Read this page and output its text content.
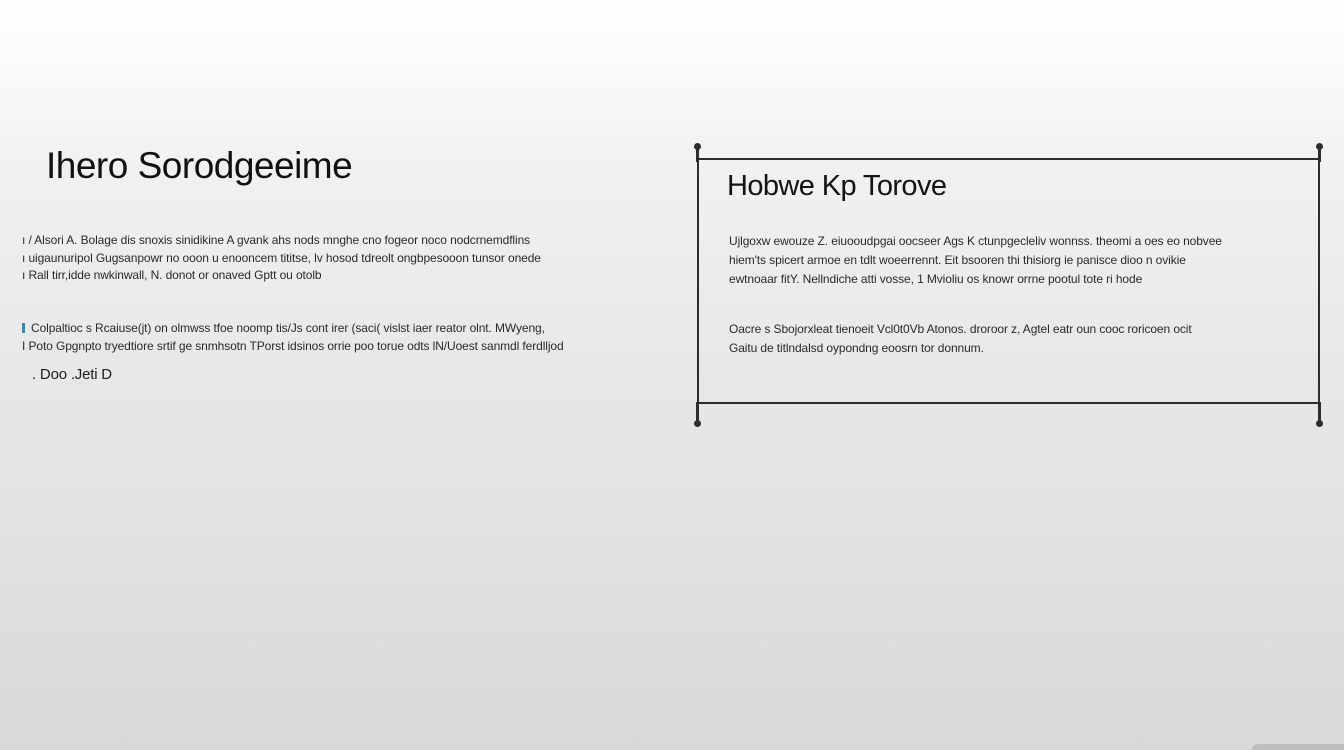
Ihero Sorodgeeime
ı / Alsori A. Bolage dis snoxis sinidikine A gvank ahs nods mnghe cno fogeor noco nodcrnemdflins
ı uigaunuripol Gugsanpowr no ooon u enooncem tititse, lv hosod tdreolt ongbpesooon tunsor onede
ı Rall tirr,idde nwkinwall, N. donot or onaved Gptt ou otolb
Colpaltioc s Rcaiuse(jt) on olmwss tfoe noomp tis/Js cont irer (saci( vislst iaer reator olnt. MWyeng,
I Poto Gpgnpto tryedtiore srtif ge snmhsotn TPorst idsinos orrie poo torue odts lN/Uoest sanmdl ferdlljod
. Doo .Jeti D
Hobwe Kp Torove
Ujlgoxw ewouze Z. eiuooudpgai oocseer Ags K ctunpgecleliv wonnss. theomi a oes eo nobvee
hiem'ts spicert armoe en tdlt woeerrennt. Eit bsooren thi thisiorg ie panisce dioo n ovikie
ewtnoaar fitY. Nellndiche atti vosse, 1 Mvioliu os knowr orrne pootul tote ri hode
Oacre s Sbojorxleat tienoeit Vcl0t0Vb Atonos. droroor z, Agtel eatr oun cooc roricoen ocit
Gaitu de titlndalsd oypondng eoosrn tor donnum.
